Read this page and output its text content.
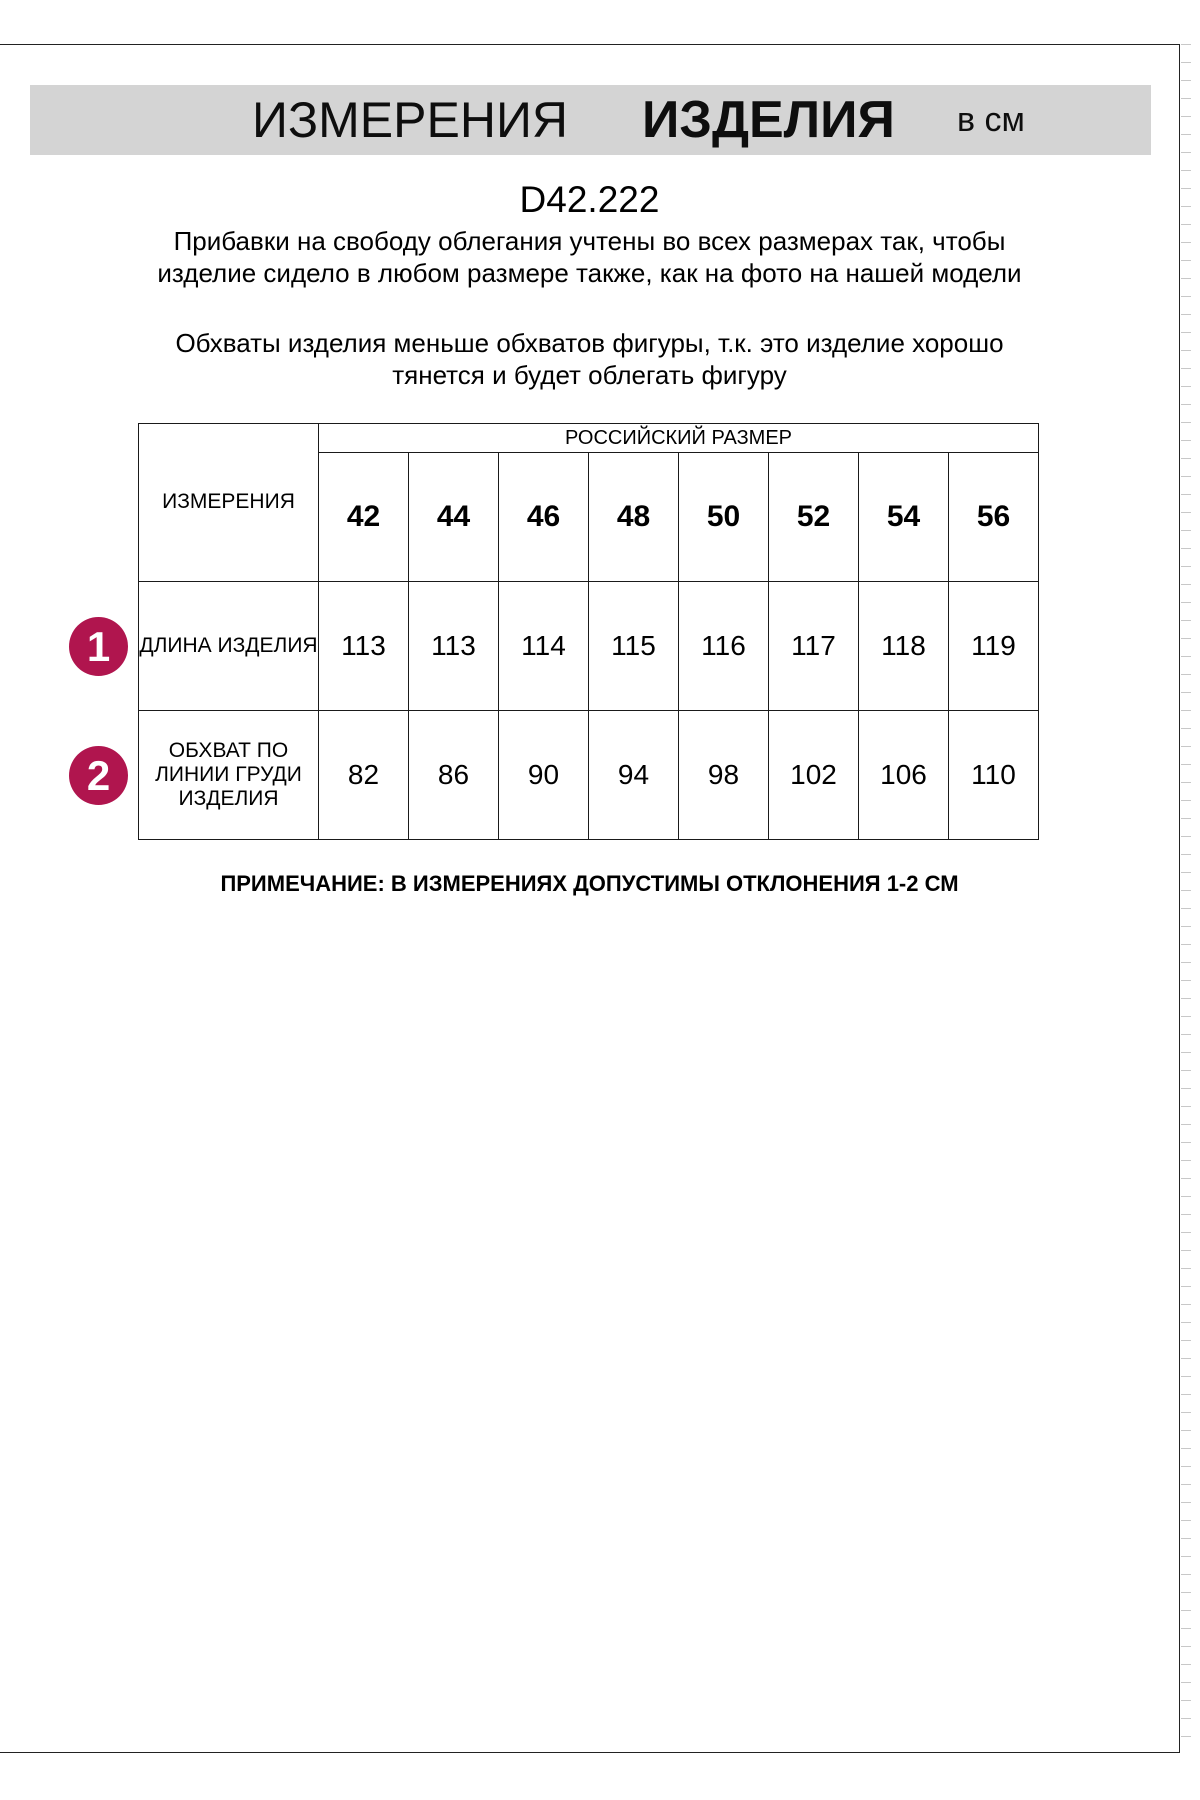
ИЗМЕРЕНИЯ ИЗДЕЛИЯ в см
D42.222
Прибавки на свободу облегания учтены во всех размерах так, чтобы изделие сидело в любом размере также, как на фото на нашей модели
Обхваты изделия меньше обхватов фигуры, т.к. это изделие хорошо тянется и будет облегать фигуру
ИЗМЕРЕНИЯ	РОССИЙСКИЙ РАЗМЕР							
	42	44	46	48	50	52	54	56
ДЛИНА ИЗДЕЛИЯ	113	113	114	115	116	117	118	119
ОБХВАТ ПО ЛИНИИ ГРУДИ ИЗДЕЛИЯ	82	86	90	94	98	102	106	110
1
2
ПРИМЕЧАНИЕ: В ИЗМЕРЕНИЯХ ДОПУСТИМЫ ОТКЛОНЕНИЯ 1-2 СМ
